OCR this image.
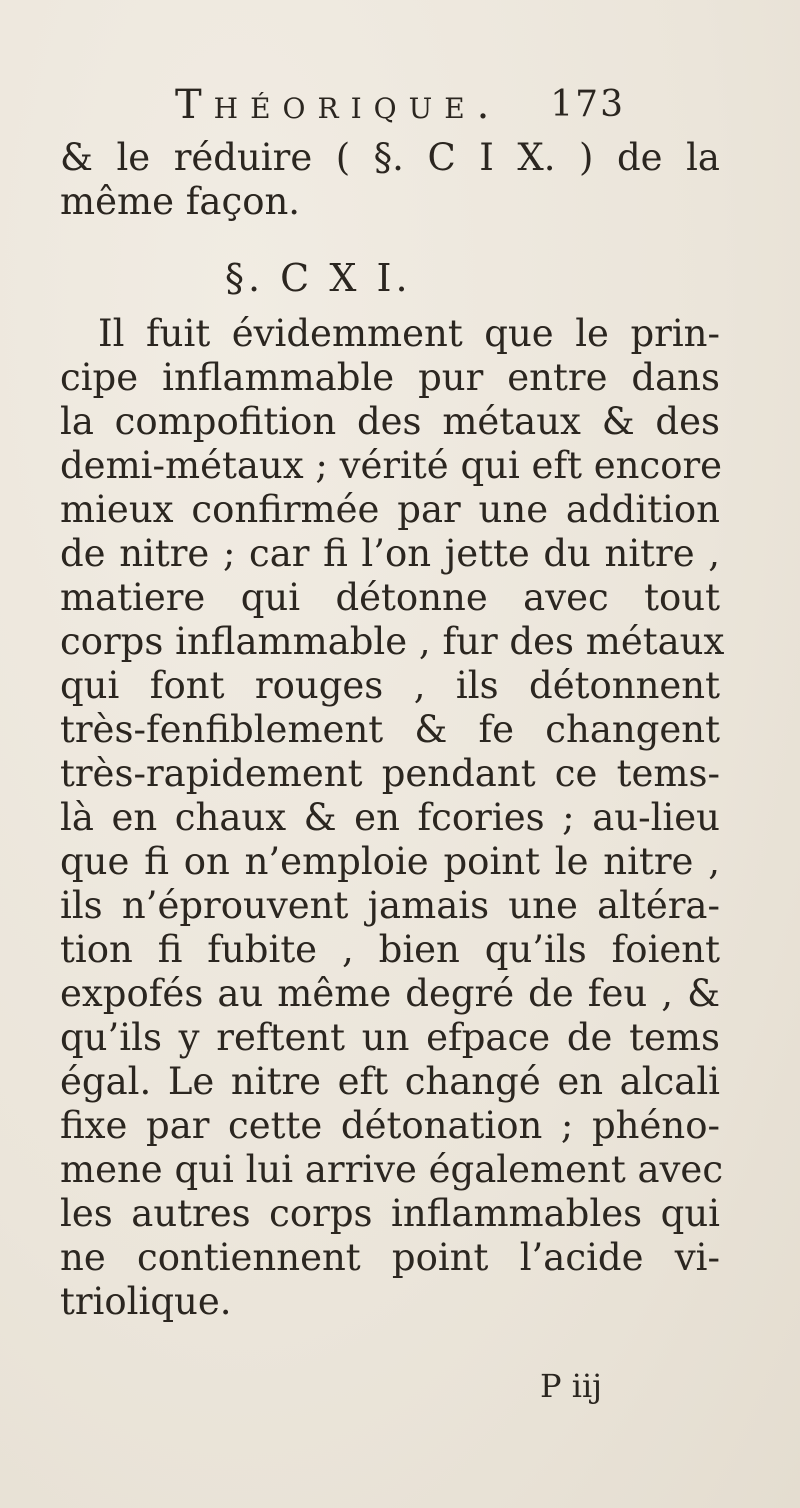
Théorique. 173
& le réduire ( §. C I X. ) de la
même façon.
§. C X I.
Il fuit évidemment que le prin-
cipe inflammable pur entre dans
la compofition des métaux & des
demi-métaux ; vérité qui eft encore
mieux confirmée par une addition
de nitre ; car fi l’on jette du nitre ,
matiere qui détonne avec tout
corps inflammable , fur des métaux
qui font rouges , ils détonnent
très-fenfiblement & fe changent
très-rapidement pendant ce tems-
là en chaux & en fcories ; au-lieu
que fi on n’emploie point le nitre ,
ils n’éprouvent jamais une altéra-
tion fi fubite , bien qu’ils foient
expofés au même degré de feu , &
qu’ils y reftent un efpace de tems
égal. Le nitre eft changé en alcali
fixe par cette détonation ; phéno-
mene qui lui arrive également avec
les autres corps inflammables qui
ne contiennent point l’acide vi-
triolique.
P iij
